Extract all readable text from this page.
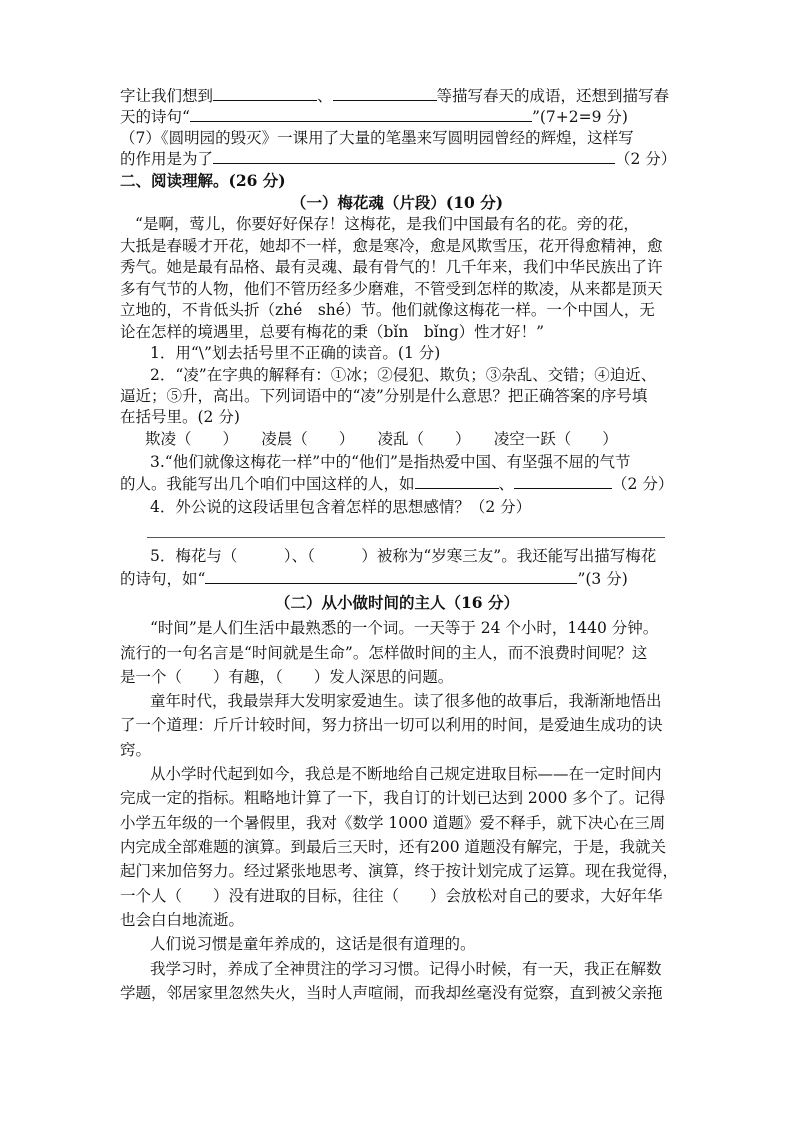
字让我们想到	、	等描写春天的成语，还想到描写春
天的诗句“	”(7+2=9 分)
（7）《圆明园的毁灭》一课用了大量的笔墨来写圆明园曾经的辉煌，这样写
的作用是为了	（2 分）
二、阅读理解。(26 分)
（一）梅花魂（片段）(10 分)
“是啊，莺儿，你要好好保存！这梅花，是我们中国最有名的花。旁的花，
大抵是春暖才开花，她却不一样，愈是寒冷，愈是风欺雪压，花开得愈精神，愈
秀气。她是最有品格、最有灵魂、最有骨气的！几千年来，我们中华民族出了许
多有气节的人物，他们不管历经多少磨难，不管受到怎样的欺凌，从来都是顶天
立地的，不肯低头折（zhé　shé）节。他们就像这梅花一样。一个中国人，无
论在怎样的境遇里，总要有梅花的秉（bǐn　bǐng）性才好！”
1．用“\”划去括号里不正确的读音。(1 分)
2．“凌”在字典的解释有：①冰；②侵犯、欺负；③杂乱、交错；④迫近、
逼近；⑤升，高出。下列词语中的“凌”分别是什么意思？把正确答案的序号填
在括号里。(2 分)
欺凌（　　）　　凌晨（　　）　　凌乱（　　）　　凌空一跃（　　）
3.“他们就像这梅花一样”中的“他们”是指热爱中国、有坚强不屈的气节
的人。我能写出几个咱们中国这样的人，如	、	（2 分）
4．外公说的这段话里包含着怎样的思想感情？（2 分）
5．梅花与（　　　）、（　　　）被称为“岁寒三友”。我还能写出描写梅花
的诗句，如“	”(3 分)
（二）从小做时间的主人（16 分）
“时间”是人们生活中最熟悉的一个词。一天等于 24 个小时，1440 分钟。
流行的一句名言是“时间就是生命”。怎样做时间的主人，而不浪费时间呢？这
是一个（　　）有趣，（　　）发人深思的问题。
童年时代，我最崇拜大发明家爱迪生。读了很多他的故事后，我渐渐地悟出
了一个道理：斤斤计较时间，努力挤出一切可以利用的时间，是爱迪生成功的诀
窍。
从小学时代起到如今，我总是不断地给自己规定进取目标——在一定时间内
完成一定的指标。粗略地计算了一下，我自订的计划已达到 2000 多个了。记得
小学五年级的一个暑假里，我对《数学 1000 道题》爱不释手，就下决心在三周
内完成全部难题的演算。到最后三天时，还有200 道题没有解完，于是，我就关
起门来加倍努力。经过紧张地思考、演算，终于按计划完成了运算。现在我觉得，
一个人（　　）没有进取的目标，往往（　　）会放松对自己的要求，大好年华
也会白白地流逝。
人们说习惯是童年养成的，这话是很有道理的。
我学习时，养成了全神贯注的学习习惯。记得小时候，有一天，我正在解数
学题，邻居家里忽然失火，当时人声喧闹，而我却丝毫没有觉察，直到被父亲拖
